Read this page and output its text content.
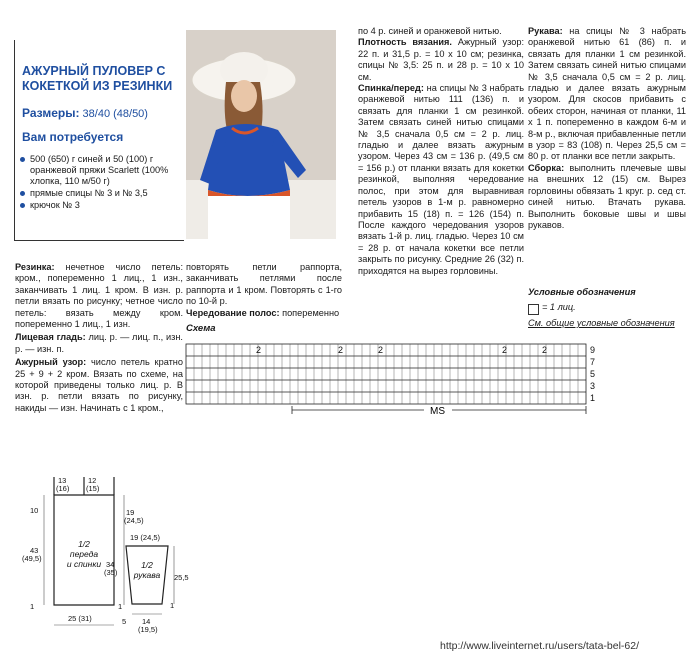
АЖУРНЫЙ ПУЛОВЕР С КОКЕТКОЙ ИЗ РЕЗИНКИ
Размеры: 38/40 (48/50)
Вам потребуется
500 (650) г синей и 50 (100) г оранжевой пряжи Scarlett (100% хлопка, 110 м/50 г)
прямые спицы № 3 и № 3,5
крючок № 3

Резинка: нечетное число петель: кром., попеременно 1 лиц., 1 изн., заканчивать 1 лиц. 1 кром. В изн. р. петли вязать по рисунку; четное число петель: вязать между кром. попеременно 1 лиц., 1 изн.

Лицевая гладь: лиц. р. — лиц. п., изн. р. — изн. п.

Ажурный узор: число петель кратно 25 + 9 + 2 кром. Вязать по схеме, на которой приведены только лиц. р. В изн. р. петли вязать по рисунку, накиды — изн. Начинать с 1 кром.,

повторять петли раппорта, заканчивать петлями после раппорта и 1 кром. Повторять с 1-го по 10-й р.

Чередование полос: попеременно

по 4 р. синей и оранжевой нитью.

Плотность вязания. Ажурный узор: 22 п. и 31,5 р. = 10 х 10 см; резинка, спицы № 3,5: 25 п. и 28 р. = 10 х 10 см.

Спинка/перед: на спицы № 3 набрать оранжевой нитью 111 (136) п. и связать для планки 1 см резинкой. Затем связать синей нитью спицами № 3,5 сначала 0,5 см = 2 р. лиц. гладью и далее вязать ажурным узором. Через 43 см = 136 р. (49,5 см = 156 р.) от планки вязать для кокетки резинкой, выполняя чередование полос, при этом для выравнивая петель узоров в 1-м р. равномерно прибавить 15 (18) п. = 126 (154) п. После каждого чередования узоров вязать 1-й р. лиц. гладью. Через 10 см = 28 р. от начала кокетки все петли закрыть по рисунку. Средние 26 (32) п. приходятся на вырез горловины.

Рукава: на спицы № 3 набрать оранжевой нитью 61 (86) п. и связать для планки 1 см резинкой. Затем связать синей нитью спицами № 3,5 сначала 0,5 см = 2 р. лиц. гладью и далее вязать ажурным узором. Для скосов прибавить с обеих сторон, начиная от планки, 11 х 1 п. попеременно в каждом 6-м и 8-м р., включая прибавленные петли в узор = 83 (108) п. Через 25,5 см = 80 р. от планки все петли закрыть.

Сборка: выполнить плечевые швы на внешних 12 (15) см. Вырез горловины обвязать 1 круг. р. сед ст. синей нитью. Втачать рукава. Выполнить боковые швы и швы рукавов.

Условные обозначения
= 1 лиц.
См. общие условные обозначения
Схема
9
7
5
3
1
2	2	2	2	2
MS
13
(16)
12
(15)
10
43
(49,5)
1
19
(24,5)
34
(35)
1
25 (31)
1/2
переда
и спинки
19 (24,5)
25,5
5 14
(19,5)
1
1/2
рукава
http://www.liveinternet.ru/users/tata-bel-62/
